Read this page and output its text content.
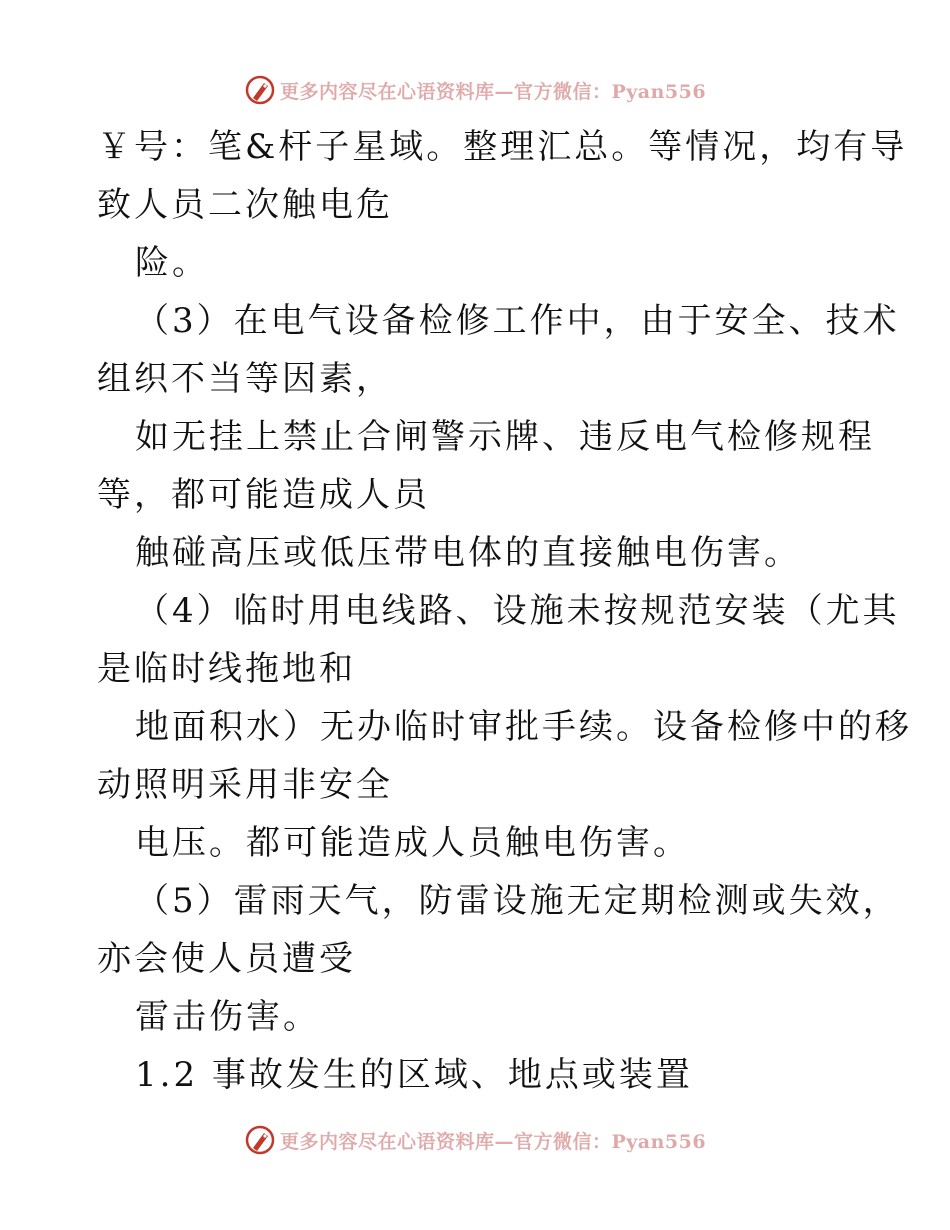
更多内容尽在心语资料库—官方微信：Pyan556
￥号：笔&杆子星域。整理汇总。等情况，均有导
致人员二次触电危
险。
（3）在电气设备检修工作中，由于安全、技术
组织不当等因素，
如无挂上禁止合闸警示牌、违反电气检修规程
等，都可能造成人员
触碰高压或低压带电体的直接触电伤害。
（4）临时用电线路、设施未按规范安装（尤其
是临时线拖地和
地面积水）无办临时审批手续。设备检修中的移
动照明采用非安全
电压。都可能造成人员触电伤害。
（5）雷雨天气，防雷设施无定期检测或失效，
亦会使人员遭受
雷击伤害。
1.2 事故发生的区域、地点或装置
更多内容尽在心语资料库—官方微信：Pyan556
